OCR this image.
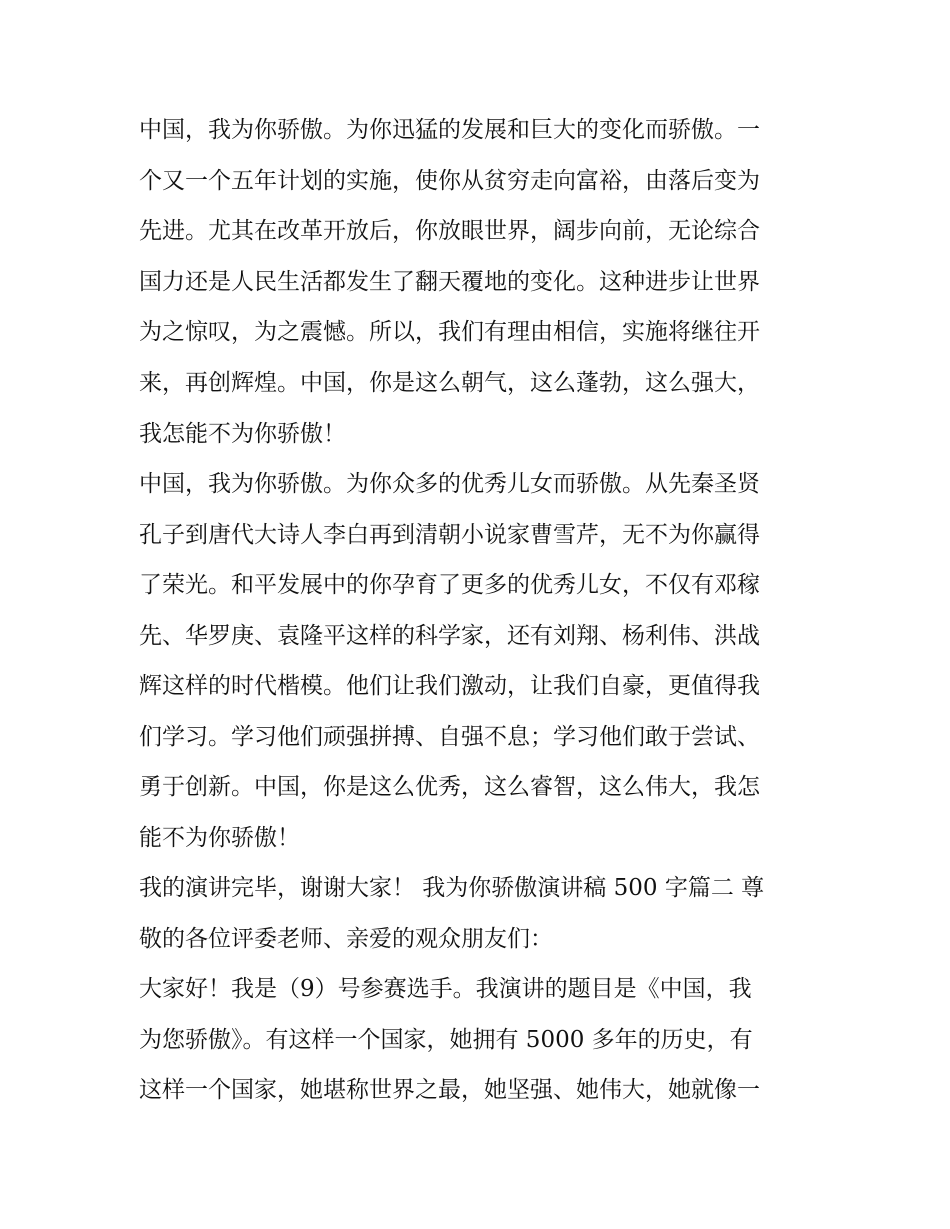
中国，我为你骄傲。为你迅猛的发展和巨大的变化而骄傲。一
个又一个五年计划的实施，使你从贫穷走向富裕，由落后变为
先进。尤其在改革开放后，你放眼世界，阔步向前，无论综合
国力还是人民生活都发生了翻天覆地的变化。这种进步让世界
为之惊叹，为之震憾。所以，我们有理由相信，实施将继往开
来，再创辉煌。中国，你是这么朝气，这么蓬勃，这么强大，
我怎能不为你骄傲！
中国，我为你骄傲。为你众多的优秀儿女而骄傲。从先秦圣贤
孔子到唐代大诗人李白再到清朝小说家曹雪芹，无不为你赢得
了荣光。和平发展中的你孕育了更多的优秀儿女，不仅有邓稼
先、华罗庚、袁隆平这样的科学家，还有刘翔、杨利伟、洪战
辉这样的时代楷模。他们让我们激动，让我们自豪，更值得我
们学习。学习他们顽强拼搏、自强不息；学习他们敢于尝试、
勇于创新。中国，你是这么优秀，这么睿智，这么伟大，我怎
能不为你骄傲！
我的演讲完毕，谢谢大家！ 我为你骄傲演讲稿 500 字篇二 尊
敬的各位评委老师、亲爱的观众朋友们：
大家好！我是（9）号参赛选手。我演讲的题目是《中国，我
为您骄傲》。有这样一个国家，她拥有 5000 多年的历史，有
这样一个国家，她堪称世界之最，她坚强、她伟大，她就像一
